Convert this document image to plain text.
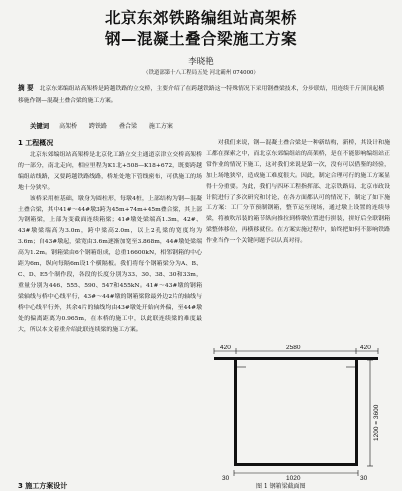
北京东郊铁路编组站高架桥
钢—混凝土叠合梁施工方案
李晓艳
（铁道部第十八工程局五处 河北霸州 074000）
摘 要 北京东郊编组站高架桥是跨越铁路的立交桥，主要介绍了在跨越铁路这一特殊情况下采用钢叠梁技术，分步联结，用连续千斤顶顶起横移施作钢—混凝土叠合梁的施工方案。
关键词 高架桥 跨铁路 叠合梁 施工方案
1 工程概况

北京东郊编组站高架桥是北京化工路立交主通道京津立交桥高架桥的一部分，南北走向，相应里程为K1北+508—K18+672，既要跨越编组站线路，又要跨越铁路线路，桥址处地下管线密布，可供施工的场地十分狭窄。

该桥采用桩基础，墩身为圆柱形，每墩4桩，上部结构为钢—混凝土叠合梁，其中41#～44#墩3跨为45m+74m+45m叠合梁，其上部为钢箱梁，上部为变截面连续箱梁；41#墩处梁端高1.3m，42#、43#墩梁端高为3.0m，跨中梁高2.0m，以上2孔梁的宽度均为3.6m；自43#墩起，梁宽由3.6m逐渐加宽至3.868m，44#墩处梁端高为1.2m。钢箱梁由6个钢箱组成，总重16600kN，相邻钢箱的中心距为6m，纵向每隔6m设1个横隔板。我们将每个钢箱梁分为A、B、C、D、E5个制作段，各段的长度分别为33、30、38、30和33m，重量分别为446、555、590、547和455kN。41#～43#墩的钢箱梁轴线与桥中心线平行，43#～44#墩的钢箱梁除最外边2片的轴线与桥中心线平行外，其余4片的轴线均由43#墩处开始向外偏，至44#墩处的偏离距离为0.965m，在本桥的施工中，以此联连续梁的难度最大，所以本文着重介绍此联连续梁的施工方案。

对我们来说，钢—混凝土叠合梁是一种新结构，新桥，其设计和施工都在探索之中，而北京东郊编组站的高架桥，是在不能影响编组站正常作业的情况下施工，这对我们来说是第一次，没有可以借鉴的经验，加上场地狭窄，造成施工难度很大。因此，制定合理可行的施工方案显得十分重要。为此，我们与四环工程指挥部、北京铁路局、北京市政设计院进行了多次研究和讨论，在各方面都认可的情况下，制定了如下施工方案：工厂分节预制钢箱，整节运至现场，通过墩上设置的连续导梁，将被吹吊装的箱节纵向推拉到桥墩位置进行拼装，拼好后全联钢箱梁整体移位，再横移就位。在方案实施过程中，始终把如何不影响铁路作业当作一个关键问题予以认真对待。

420	2580	420
1200 = 3600
30	1020	30
3 施工方案设计	图 1 钢箱梁截面图
